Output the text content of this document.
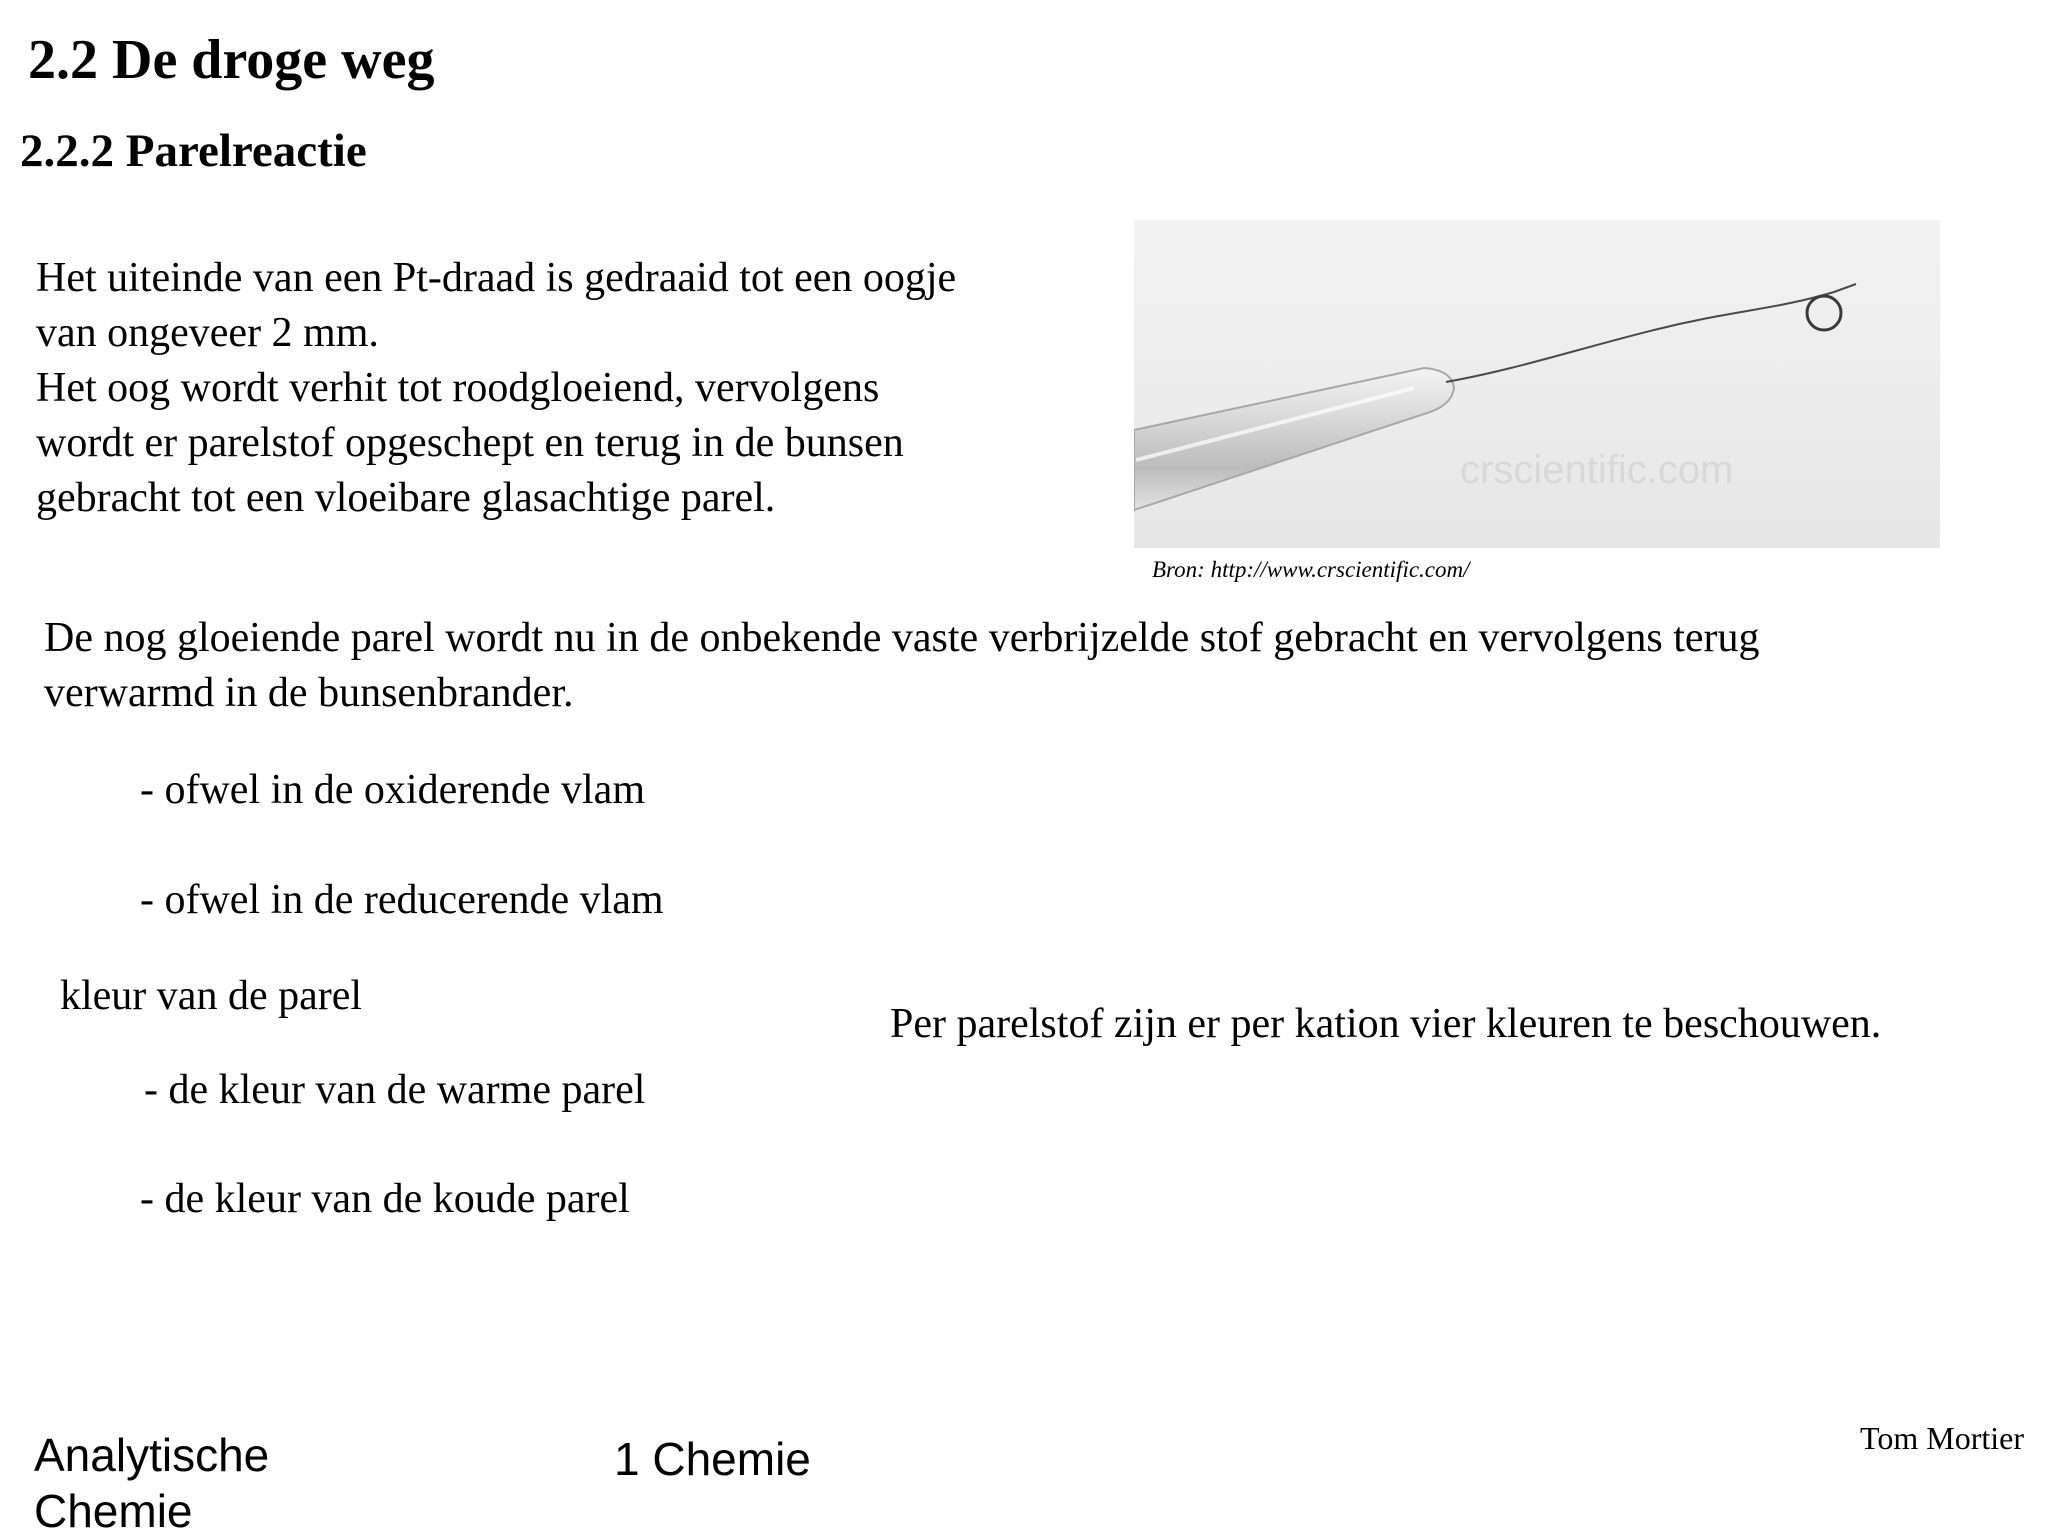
2.2 De droge weg
2.2.2 Parelreactie
Het uiteinde van een Pt-draad is gedraaid tot een oogje
van ongeveer 2 mm.
Het oog wordt verhit tot roodgloeiend, vervolgens
wordt er parelstof opgeschept en terug in de bunsen
gebracht tot een vloeibare glasachtige parel.
crscientific.com
Bron: http://www.crscientific.com/
De nog gloeiende parel wordt nu in de onbekende vaste verbrijzelde stof gebracht en vervolgens terug
verwarmd in de bunsenbrander.
- ofwel in de oxiderende vlam
- ofwel in de reducerende vlam
kleur van de parel
Per parelstof zijn er per kation vier kleuren te beschouwen.
- de kleur van de warme parel
- de kleur van de koude parel
Analytische
Chemie
1 Chemie	Tom Mortier
